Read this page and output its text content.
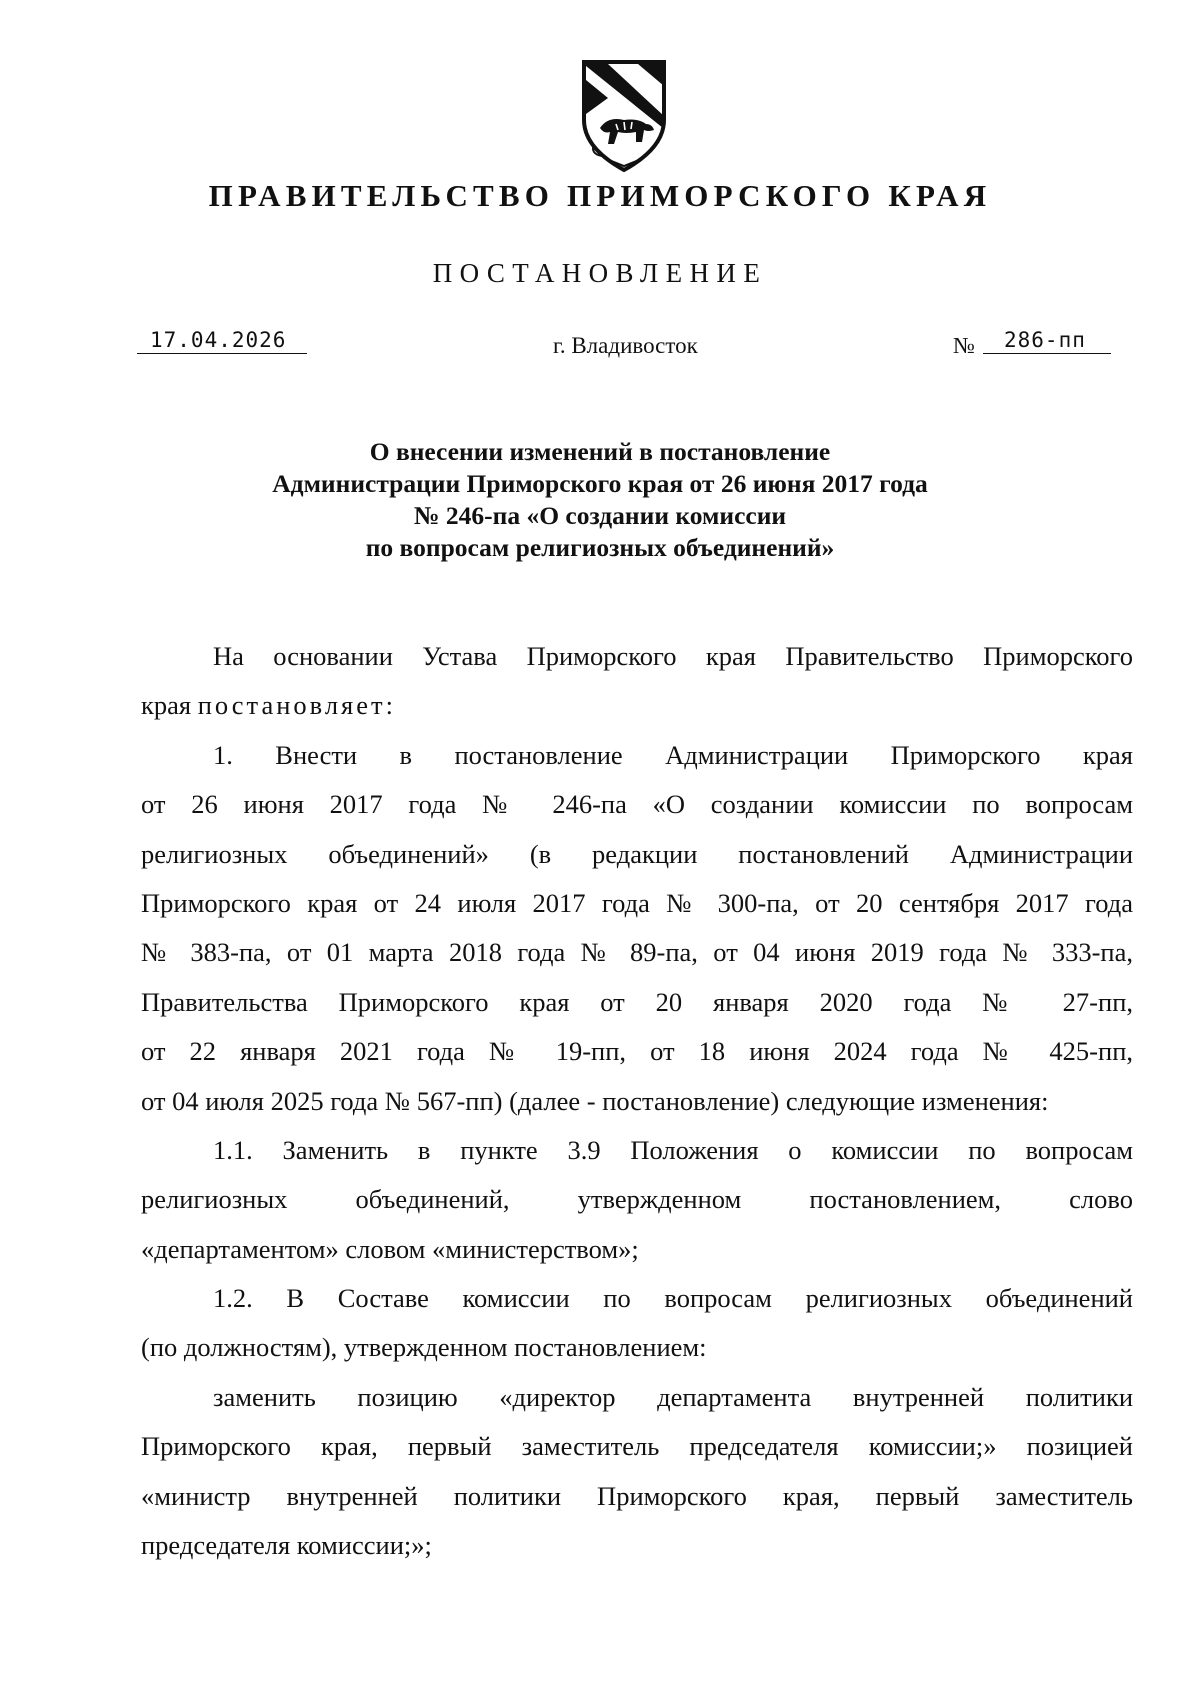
ПРАВИТЕЛЬСТВО ПРИМОРСКОГО КРАЯ
ПОСТАНОВЛЕНИЕ
17.04.2026	г. Владивосток	№ 286-пп
О внесении изменений в постановление
Администрации Приморского края от 26 июня 2017 года
№ 246-па «О создании комиссии
по вопросам религиозных объединений»
На основании Устава Приморского края Правительство Приморского
края постановляет:
1. Внести в постановление Администрации Приморского края
от 26 июня 2017 года № 246-па «О создании комиссии по вопросам
религиозных объединений» (в редакции постановлений Администрации
Приморского края от 24 июля 2017 года № 300-па, от 20 сентября 2017 года
№ 383-па, от 01 марта 2018 года № 89-па, от 04 июня 2019 года № 333-па,
Правительства Приморского края от 20 января 2020 года № 27-пп,
от 22 января 2021 года № 19-пп, от 18 июня 2024 года № 425-пп,
от 04 июля 2025 года № 567-пп) (далее - постановление) следующие изменения:
1.1. Заменить в пункте 3.9 Положения о комиссии по вопросам
религиозных объединений, утвержденном постановлением, слово
«департаментом» словом «министерством»;
1.2. В Составе комиссии по вопросам религиозных объединений
(по должностям), утвержденном постановлением:
заменить позицию «директор департамента внутренней политики
Приморского края, первый заместитель председателя комиссии;» позицией
«министр внутренней политики Приморского края, первый заместитель
председателя комиссии;»;
